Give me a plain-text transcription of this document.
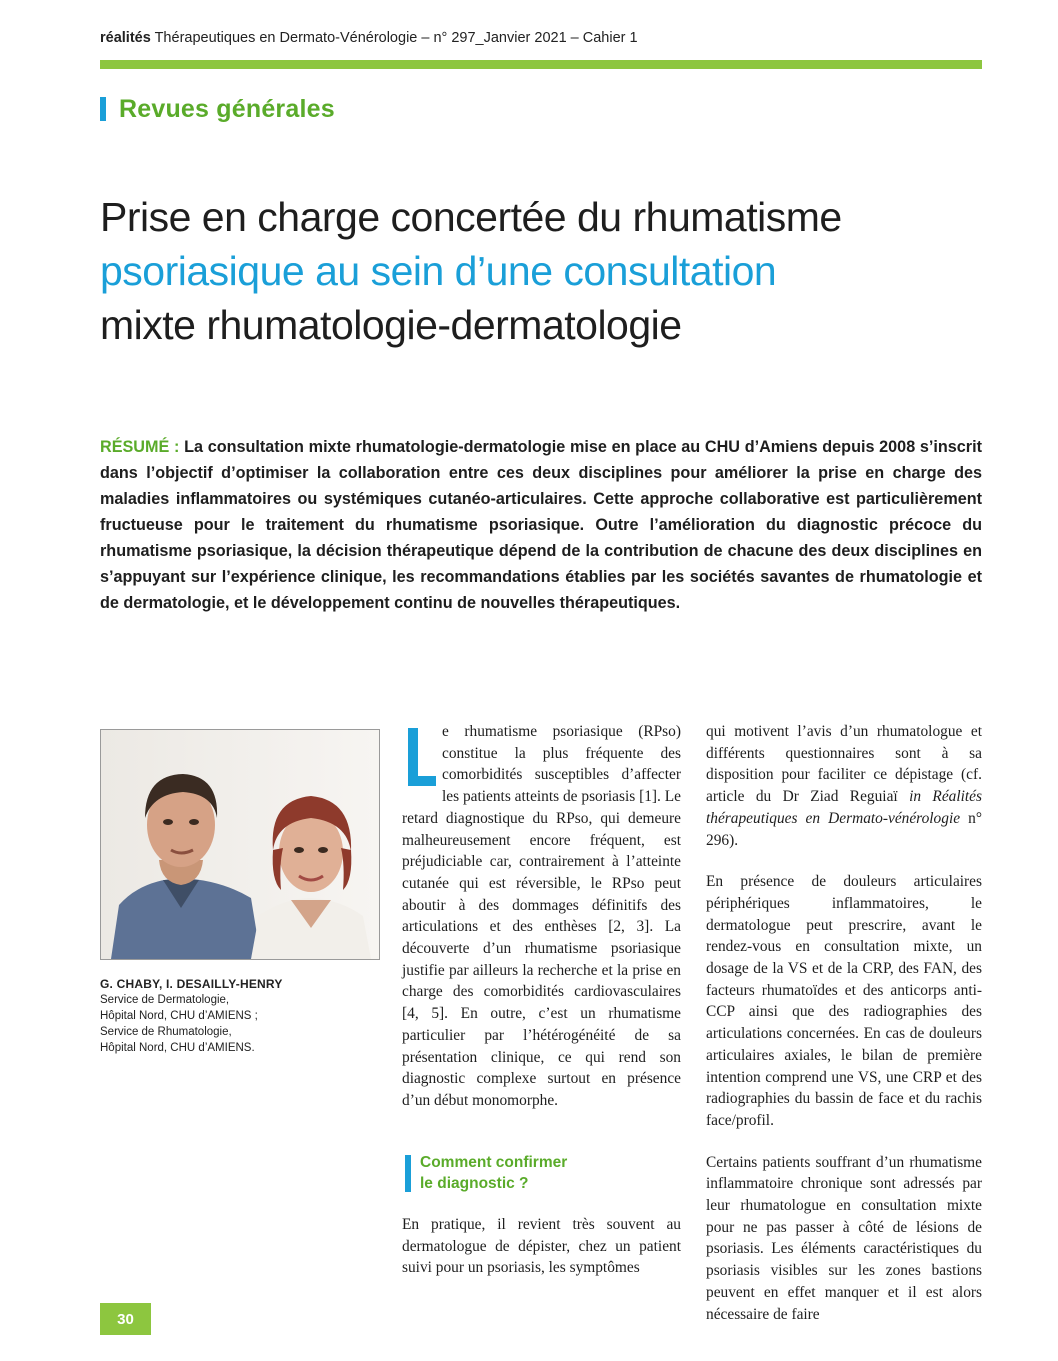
réalités Thérapeutiques en Dermato-Vénérologie – n° 297_Janvier 2021 – Cahier 1
Revues générales
Prise en charge concertée du rhumatisme
psoriasique au sein d’une consultation
mixte rhumatologie-dermatologie
RÉSUMÉ : La consultation mixte rhumatologie-dermatologie mise en place au CHU d’Amiens depuis 2008 s’inscrit dans l’objectif d’optimiser la collaboration entre ces deux disciplines pour améliorer la prise en charge des maladies inflammatoires ou systémiques cutanéo-articulaires. Cette approche collaborative est particulièrement fructueuse pour le traitement du rhumatisme psoriasique. Outre l’amélioration du diagnostic précoce du rhumatisme psoriasique, la décision thérapeutique dépend de la contribution de chacune des deux disciplines en s’appuyant sur l’expérience clinique, les recommandations établies par les sociétés savantes de rhumatologie et de dermatologie, et le développement continu de nouvelles thérapeutiques.
G. CHABY, I. DESAILLY-HENRY
Service de Dermatologie,
Hôpital Nord, CHU d’AMIENS ;
Service de Rhumatologie,
Hôpital Nord, CHU d’AMIENS.

e rhumatisme psoriasique (RPso) constitue la plus fréquente des comorbidités susceptibles d’affecter les patients atteints de psoriasis [1]. Le retard diagnostique du RPso, qui demeure malheureusement encore fréquent, est préjudiciable car, contrairement à l’atteinte cutanée qui est réversible, le RPso peut aboutir à des dommages définitifs des articulations et des enthèses [2, 3]. La découverte d’un rhumatisme psoriasique justifie par ailleurs la recherche et la prise en charge des comorbidités cardiovasculaires [4, 5]. En outre, c’est un rhumatisme particulier par l’hétérogénéité de sa présentation clinique, ce qui rend son diagnostic complexe surtout en présence d’un début monomorphe.

Comment confirmer
le diagnostic ?

En pratique, il revient très souvent au dermatologue de dépister, chez un patient suivi pour un psoriasis, les symptômes

qui motivent l’avis d’un rhumatologue et différents questionnaires sont à sa disposition pour faciliter ce dépistage (cf. article du Dr Ziad Reguiaï in Réalités thérapeutiques en Dermato-vénérologie n° 296).

En présence de douleurs articulaires périphériques inflammatoires, le dermatologue peut prescrire, avant le rendez-vous en consultation mixte, un dosage de la VS et de la CRP, des FAN, des facteurs rhumatoïdes et des anticorps anti-CCP ainsi que des radiographies des articulations concernées. En cas de douleurs articulaires axiales, le bilan de première intention comprend une VS, une CRP et des radiographies du bassin de face et du rachis face/profil.

Certains patients souffrant d’un rhumatisme inflammatoire chronique sont adressés par leur rhumatologue en consultation mixte pour ne pas passer à côté de lésions de psoriasis. Les éléments caractéristiques du psoriasis visibles sur les zones bastions peuvent en effet manquer et il est alors nécessaire de faire

30
